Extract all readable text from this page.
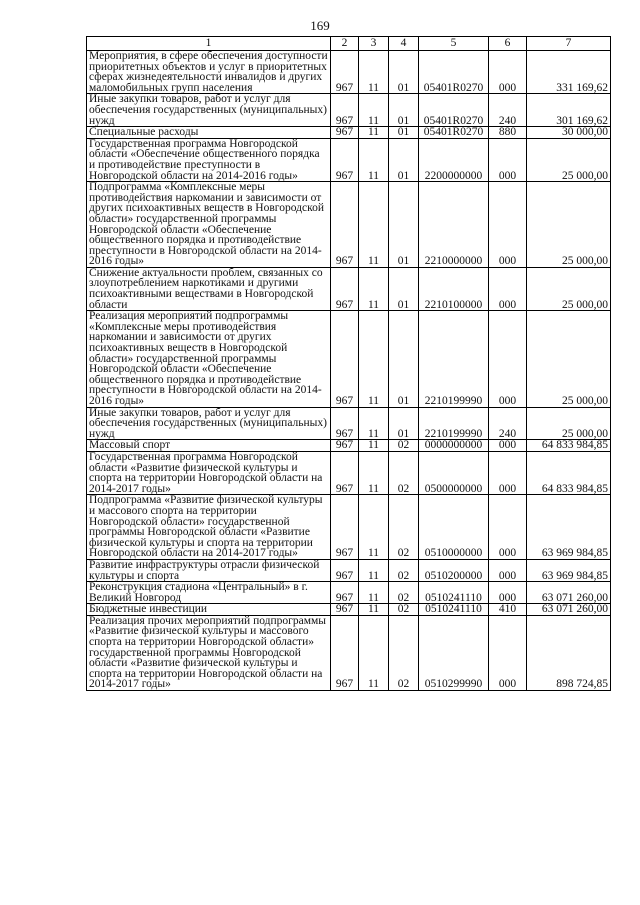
169
1	2	3	4	5	6	7
Мероприятия, в сфере обеспечения доступности приоритетных объектов и услуг в приоритетных сферах жизнедеятельности инвалидов и других маломобильных групп населения	967	11	01	05401R0270	000	331 169,62
Иные закупки товаров, работ и услуг для обеспечения государственных (муниципальных) нужд	967	11	01	05401R0270	240	301 169,62
Специальные расходы	967	11	01	05401R0270	880	30 000,00
Государственная программа Новгородской области «Обеспечение общественного порядка и противодействие преступности в Новгородской области на 2014-2016 годы»	967	11	01	2200000000	000	25 000,00
Подпрограмма «Комплексные меры противодействия наркомании и зависимости от других психоактивных веществ в Новгородской области» государственной программы Новгородской области «Обеспечение общественного порядка и противодействие преступности в Новгородской области на 2014-2016 годы»	967	11	01	2210000000	000	25 000,00
Снижение актуальности проблем, связанных со злоупотреблением наркотиками и другими психоактивными веществами в Новгородской области	967	11	01	2210100000	000	25 000,00
Реализация мероприятий подпрограммы «Комплексные меры противодействия наркомании и зависимости от других психоактивных веществ в Новгородской области» государственной программы Новгородской области «Обеспечение общественного порядка и противодействие преступности в Новгородской области на 2014-2016 годы»	967	11	01	2210199990	000	25 000,00
Иные закупки товаров, работ и услуг для обеспечения государственных (муниципальных) нужд	967	11	01	2210199990	240	25 000,00
Массовый спорт	967	11	02	0000000000	000	64 833 984,85
Государственная программа Новгородской области «Развитие физической культуры и спорта на территории Новгородской области на 2014-2017 годы»	967	11	02	0500000000	000	64 833 984,85
Подпрограмма «Развитие физической культуры и массового спорта на территории Новгородской области» государственной программы Новгородской области «Развитие физической культуры и спорта на территории Новгородской области на 2014-2017 годы»	967	11	02	0510000000	000	63 969 984,85
Развитие инфраструктуры отрасли физической культуры и спорта	967	11	02	0510200000	000	63 969 984,85
Реконструкция стадиона «Центральный» в г. Великий Новгород	967	11	02	0510241110	000	63 071 260,00
Бюджетные инвестиции	967	11	02	0510241110	410	63 071 260,00
Реализация прочих мероприятий подпрограммы «Развитие физической культуры и массового спорта на территории Новгородской области» государственной программы Новгородской области «Развитие физической культуры и спорта на территории Новгородской области на 2014-2017 годы»	967	11	02	0510299990	000	898 724,85
